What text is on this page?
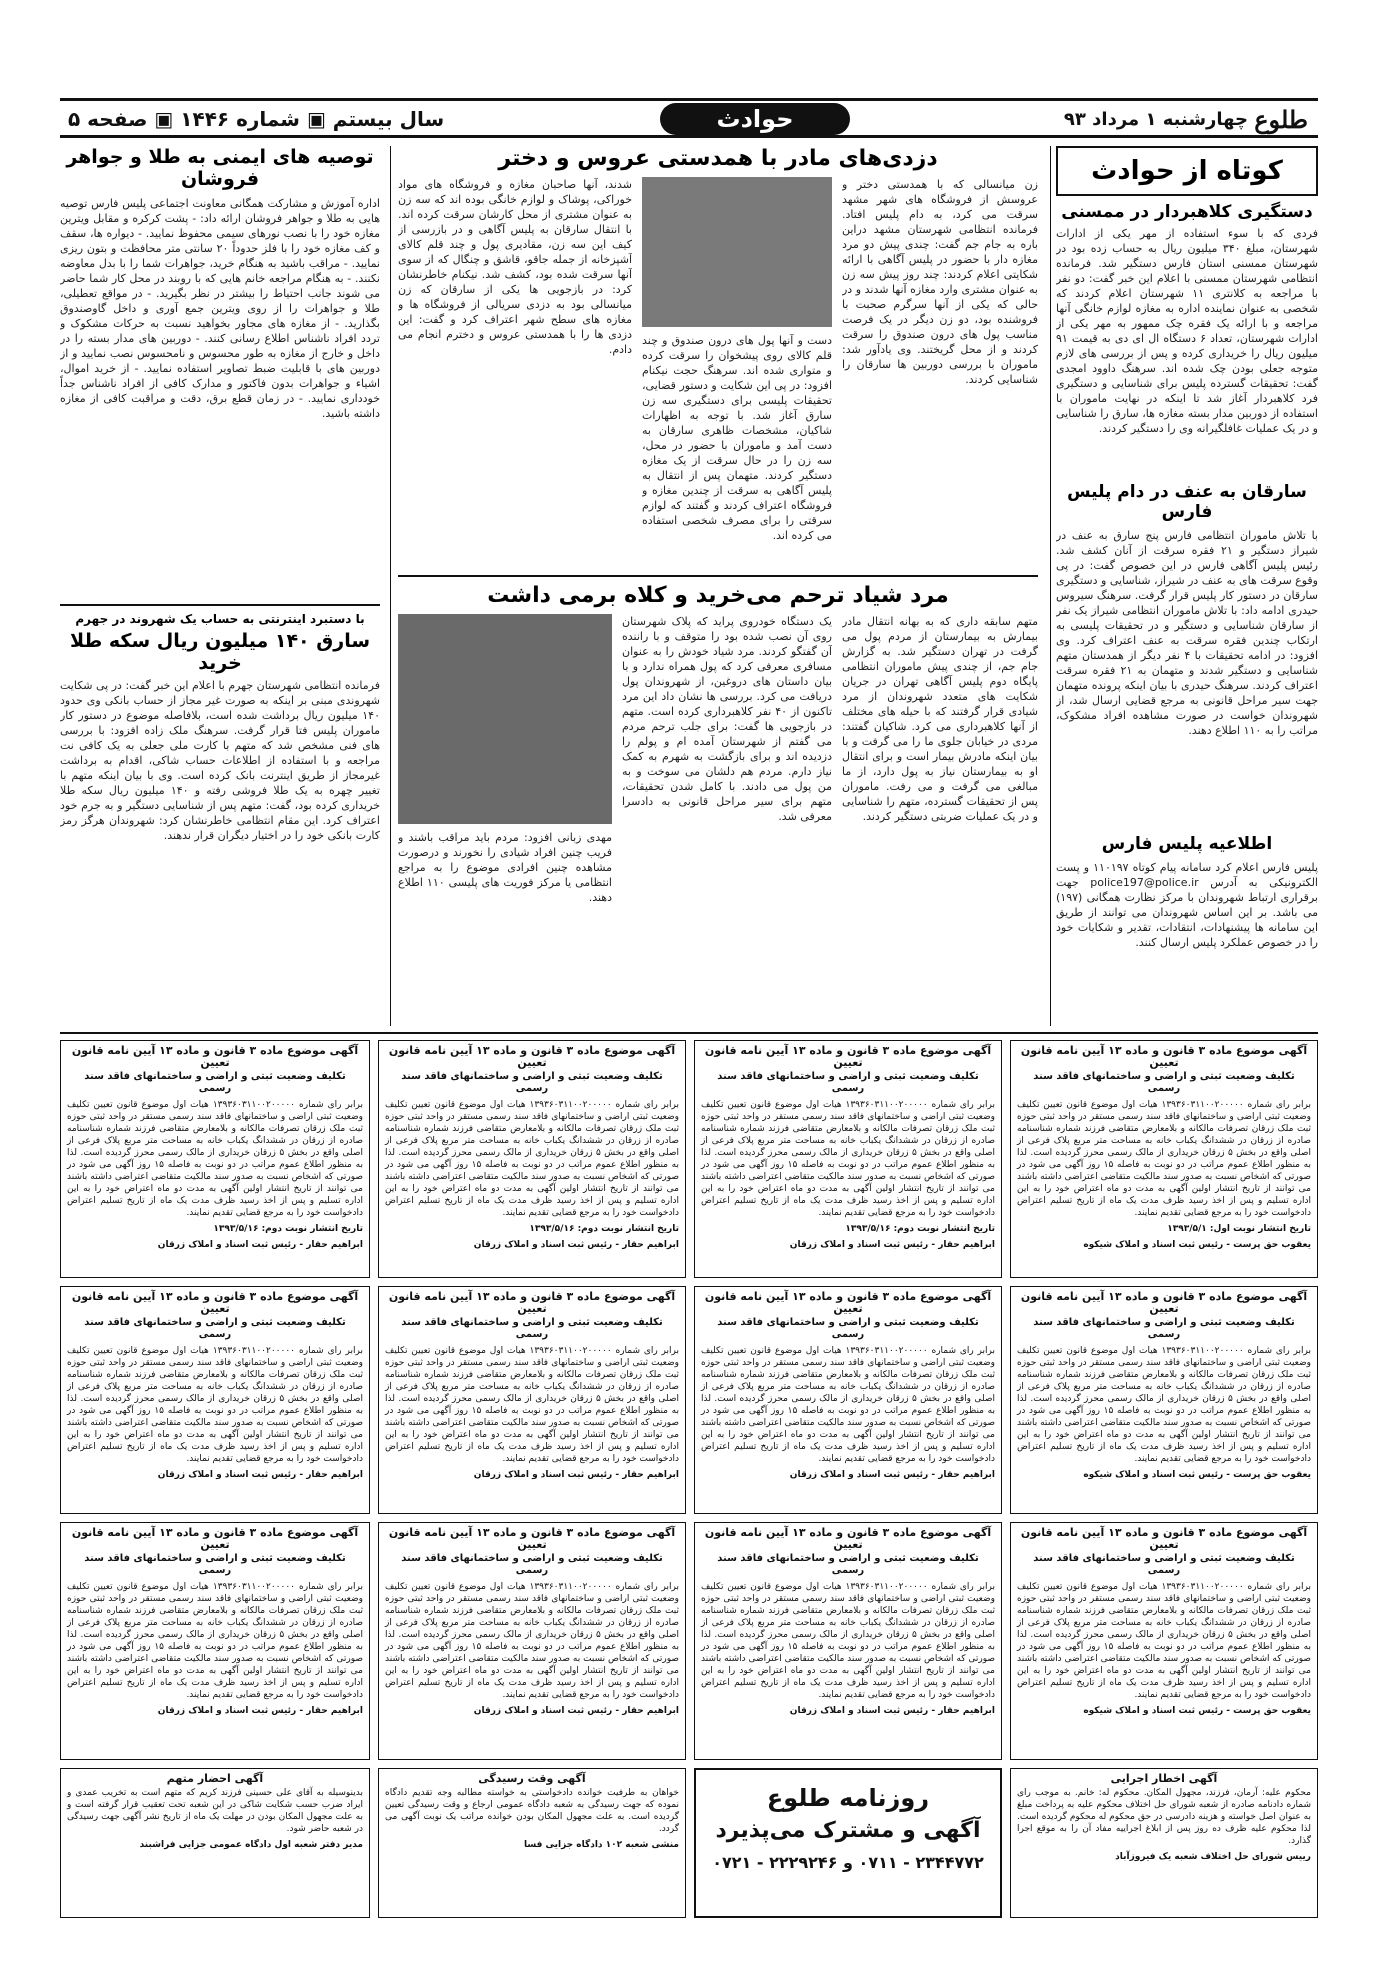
طلوع
چهارشنبه ۱ مرداد ۹۳
حوادث
سال بیستم ▣ شماره ۱۴۴۶ ▣ صفحه ۵
کوتاه از حوادث
دستگیری کلاهبردار در ممسنی
فردی که با سوء استفاده از مهر یکی از ادارات شهرستان، مبلغ ۳۴۰ میلیون ریال به حساب زده بود در شهرستان ممسنی استان فارس دستگیر شد. فرمانده انتظامی شهرستان ممسنی با اعلام این خبر گفت: دو نفر با مراجعه به کلانتری ۱۱ شهرستان اعلام کردند که شخصی به عنوان نماینده اداره به مغازه لوازم خانگی آنها مراجعه و با ارائه یک فقره چک ممهور به مهر یکی از ادارات شهرستان، تعداد ۶ دستگاه ال ای دی به قیمت ۹۱ میلیون ریال را خریداری کرده و پس از بررسی های لازم متوجه جعلی بودن چک شده اند. سرهنگ داوود امجدی گفت: تحقیقات گسترده پلیس برای شناسایی و دستگیری فرد کلاهبردار آغاز شد تا اینکه در نهایت ماموران با استفاده از دوربین مدار بسته مغازه ها، سارق را شناسایی و در یک عملیات غافلگیرانه وی را دستگیر کردند.
سارقان به عنف در دام پلیس فارس
با تلاش ماموران انتظامی فارس پنج سارق به عنف در شیراز دستگیر و ۲۱ فقره سرقت از آنان کشف شد. رئیس پلیس آگاهی فارس در این خصوص گفت: در پی وقوع سرقت های به عنف در شیراز، شناسایی و دستگیری سارقان در دستور کار پلیس قرار گرفت. سرهنگ سیروس حیدری ادامه داد: با تلاش ماموران انتظامی شیراز یک نفر از سارقان شناسایی و دستگیر و در تحقیقات پلیسی به ارتکاب چندین فقره سرقت به عنف اعتراف کرد. وی افزود: در ادامه تحقیقات با ۴ نفر دیگر از همدستان متهم شناسایی و دستگیر شدند و متهمان به ۲۱ فقره سرقت اعتراف کردند. سرهنگ حیدری با بیان اینکه پرونده متهمان جهت سیر مراحل قانونی به مرجع قضایی ارسال شد، از شهروندان خواست در صورت مشاهده افراد مشکوک، مراتب را به ۱۱۰ اطلاع دهند.
اطلاعیه پلیس فارس
پلیس فارس اعلام کرد سامانه پیام کوتاه ۱۱۰۱۹۷ و پست الکترونیکی به آدرس police197@police.ir جهت برقراری ارتباط شهروندان با مرکز نظارت همگانی (۱۹۷) می باشد. بر این اساس شهروندان می توانند از طریق این سامانه ها پیشنهادات، انتقادات، تقدیر و شکایات خود را در خصوص عملکرد پلیس ارسال کنند.
دزدی‌های مادر با همدستی عروس و دختر
زن میانسالی که با همدستی دختر و عروسش از فروشگاه های شهر مشهد سرقت می کرد، به دام پلیس افتاد. فرمانده انتظامی شهرستان مشهد دراین باره به جام جم گفت: چندی پیش دو مرد مغازه دار با حضور در پلیس آگاهی با ارائه شکایتی اعلام کردند: چند روز پیش سه زن به عنوان مشتری وارد مغازه آنها شدند و در حالی که یکی از آنها سرگرم صحبت با فروشنده بود، دو زن دیگر در یک فرصت مناسب پول های درون صندوق را سرقت کردند و از محل گریختند. وی یادآور شد: ماموران با بررسی دوربین ها سارقان را شناسایی کردند.
دست و آنها پول های درون صندوق و چند قلم کالای روی پیشخوان را سرقت کرده و متواری شده اند. سرهنگ حجت نیکنام افزود: در پی این شکایت و دستور قضایی، تحقیقات پلیسی برای دستگیری سه زن سارق آغاز شد. با توجه به اظهارات شاکیان، مشخصات ظاهری سارقان به دست آمد و ماموران با حضور در محل، سه زن را در حال سرقت از یک مغازه دستگیر کردند. متهمان پس از انتقال به پلیس آگاهی به سرقت از چندین مغازه و فروشگاه اعتراف کردند و گفتند که لوازم سرقتی را برای مصرف شخصی استفاده می کرده اند.
شدند، آنها صاحبان مغازه و فروشگاه های مواد خوراکی، پوشاک و لوازم خانگی بوده اند که سه زن به عنوان مشتری از محل کارشان سرقت کرده اند. با انتقال سارقان به پلیس آگاهی و در بازرسی از کیف این سه زن، مقادیری پول و چند قلم کالای آشپزخانه از جمله جاقو، قاشق و چنگال که از سوی آنها سرقت شده بود، کشف شد. نیکنام خاطرنشان کرد: در بازجویی ها یکی از سارقان که زن میانسالی بود به دزدی سریالی از فروشگاه ها و مغازه های سطح شهر اعتراف کرد و گفت: این دزدی ها را با همدستی عروس و دخترم انجام می دادم.
مرد شیاد ترحم می‌خرید و کلاه برمی داشت
متهم سابقه داری که به بهانه انتقال مادر بیمارش به بیمارستان از مردم پول می گرفت در تهران دستگیر شد. به گزارش جام جم، از چندی پیش ماموران انتظامی پایگاه دوم پلیس آگاهی تهران در جریان شکایت های متعدد شهروندان از مرد شیادی قرار گرفتند که با حیله های مختلف از آنها کلاهبرداری می کرد. شاکیان گفتند: مردی در خیابان جلوی ما را می گرفت و با بیان اینکه مادرش بیمار است و برای انتقال او به بیمارستان نیاز به پول دارد، از ما مبالغی می گرفت و می رفت. ماموران پس از تحقیقات گسترده، متهم را شناسایی و در یک عملیات ضربتی دستگیر کردند.
یک دستگاه خودروی پراید که پلاک شهرستان روی آن نصب شده بود را متوقف و با راننده آن گفتگو کردند. مرد شیاد خودش را به عنوان مسافری معرفی کرد که پول همراه ندارد و با بیان داستان های دروغین، از شهروندان پول دریافت می کرد. بررسی ها نشان داد این مرد تاکنون از ۴۰ نفر کلاهبرداری کرده است. متهم در بازجویی ها گفت: برای جلب ترحم مردم می گفتم از شهرستان آمده ام و پولم را دزدیده اند و برای بازگشت به شهرم به کمک نیاز دارم. مردم هم دلشان می سوخت و به من پول می دادند. با کامل شدن تحقیقات، متهم برای سیر مراحل قانونی به دادسرا معرفی شد.
مهدی زبانی افزود: مردم باید مراقب باشند و فریب چنین افراد شیادی را نخورند و درصورت مشاهده چنین افرادی موضوع را به مراجع انتظامی یا مرکز فوریت های پلیسی ۱۱۰ اطلاع دهند.
توصیه های ایمنی به طلا و جواهر فروشان
اداره آموزش و مشارکت همگانی معاونت اجتماعی پلیس فارس توصیه هایی به طلا و جواهر فروشان ارائه داد: - پشت کرکره و مقابل ویترین مغازه خود را با نصب نورهای سیمی محفوظ نمایید. - دیواره ها، سقف و کف مغازه خود را با فلز حدوداً ۲۰ سانتی متر محافظت و بتون ریزی نمایید. - مراقب باشید به هنگام خرید، جواهرات شما را با بدل معاوضه نکنند. - به هنگام مراجعه خانم هایی که با روبند در محل کار شما حاضر می شوند جانب احتیاط را بیشتر در نظر بگیرید. - در مواقع تعطیلی، طلا و جواهرات را از روی ویترین جمع آوری و داخل گاوصندوق بگذارید. - از مغازه های مجاور بخواهید نسبت به حرکات مشکوک و تردد افراد ناشناس اطلاع رسانی کنند. - دوربین های مدار بسته را در داخل و خارج از مغازه به طور محسوس و نامحسوس نصب نمایید و از دوربین های با قابلیت ضبط تصاویر استفاده نمایید. - از خرید اموال، اشیاء و جواهرات بدون فاکتور و مدارک کافی از افراد ناشناس جداً خودداری نمایید. - در زمان قطع برق، دقت و مراقبت کافی از مغازه داشته باشید.
با دستبرد اینترنتی به حساب یک شهروند در جهرم
سارق ۱۴۰ میلیون ریال سکه طلا خرید
فرمانده انتظامی شهرستان جهرم با اعلام این خبر گفت: در پی شکایت شهروندی مبنی بر اینکه به صورت غیر مجاز از حساب بانکی وی حدود ۱۴۰ میلیون ریال برداشت شده است، بلافاصله موضوع در دستور کار ماموران پلیس فتا قرار گرفت. سرهنگ ملک زاده افزود: با بررسی های فنی مشخص شد که متهم با کارت ملی جعلی به یک کافی نت مراجعه و با استفاده از اطلاعات حساب شاکی، اقدام به برداشت غیرمجاز از طریق اینترنت بانک کرده است. وی با بیان اینکه متهم با تغییر چهره به یک طلا فروشی رفته و ۱۴۰ میلیون ریال سکه طلا خریداری کرده بود، گفت: متهم پس از شناسایی دستگیر و به جرم خود اعتراف کرد. این مقام انتظامی خاطرنشان کرد: شهروندان هرگز رمز کارت بانکی خود را در اختیار دیگران قرار ندهند.
آگهی موضوع ماده ۳ قانون و ماده ۱۳ آیین نامه قانون تعیین
تکلیف وضعیت ثبتی و اراضی و ساختمانهای فاقد سند رسمی
برابر رای شماره ۱۳۹۳۶۰۳۱۱۰۰۲۰۰۰۰۰ هیات اول موضوع قانون تعیین تکلیف وضعیت ثبتی اراضی و ساختمانهای فاقد سند رسمی مستقر در واحد ثبتی حوزه ثبت ملک زرقان تصرفات مالکانه و بلامعارض متقاضی فرزند شماره شناسنامه صادره از زرقان در ششدانگ یکباب خانه به مساحت متر مربع پلاک فرعی از اصلی واقع در بخش ۵ زرقان خریداری از مالک رسمی محرز گردیده است. لذا به منظور اطلاع عموم مراتب در دو نوبت به فاصله ۱۵ روز آگهی می شود در صورتی که اشخاص نسبت به صدور سند مالکیت متقاضی اعتراضی داشته باشند می توانند از تاریخ انتشار اولین آگهی به مدت دو ماه اعتراض خود را به این اداره تسلیم و پس از اخذ رسید ظرف مدت یک ماه از تاریخ تسلیم اعتراض دادخواست خود را به مرجع قضایی تقدیم نمایند.
تاریخ انتشار نوبت اول: ۱۳۹۳/۵/۱
یعقوب حق پرست - رئیس ثبت اسناد و املاک شیکوه
آگهی موضوع ماده ۳ قانون و ماده ۱۳ آیین نامه قانون تعیین
تکلیف وضعیت ثبتی و اراضی و ساختمانهای فاقد سند رسمی
برابر رای شماره ۱۳۹۳۶۰۳۱۱۰۰۲۰۰۰۰۰ هیات اول موضوع قانون تعیین تکلیف وضعیت ثبتی اراضی و ساختمانهای فاقد سند رسمی مستقر در واحد ثبتی حوزه ثبت ملک زرقان تصرفات مالکانه و بلامعارض متقاضی فرزند شماره شناسنامه صادره از زرقان در ششدانگ یکباب خانه به مساحت متر مربع پلاک فرعی از اصلی واقع در بخش ۵ زرقان خریداری از مالک رسمی محرز گردیده است. لذا به منظور اطلاع عموم مراتب در دو نوبت به فاصله ۱۵ روز آگهی می شود در صورتی که اشخاص نسبت به صدور سند مالکیت متقاضی اعتراضی داشته باشند می توانند از تاریخ انتشار اولین آگهی به مدت دو ماه اعتراض خود را به این اداره تسلیم و پس از اخذ رسید ظرف مدت یک ماه از تاریخ تسلیم اعتراض دادخواست خود را به مرجع قضایی تقدیم نمایند.
تاریخ انتشار نوبت دوم: ۱۳۹۳/۵/۱۶
ابراهیم حقار - رئیس ثبت اسناد و املاک زرقان
آگهی موضوع ماده ۳ قانون و ماده ۱۳ آیین نامه قانون تعیین
تکلیف وضعیت ثبتی و اراضی و ساختمانهای فاقد سند رسمی
برابر رای شماره ۱۳۹۳۶۰۳۱۱۰۰۲۰۰۰۰۰ هیات اول موضوع قانون تعیین تکلیف وضعیت ثبتی اراضی و ساختمانهای فاقد سند رسمی مستقر در واحد ثبتی حوزه ثبت ملک زرقان تصرفات مالکانه و بلامعارض متقاضی فرزند شماره شناسنامه صادره از زرقان در ششدانگ یکباب خانه به مساحت متر مربع پلاک فرعی از اصلی واقع در بخش ۵ زرقان خریداری از مالک رسمی محرز گردیده است. لذا به منظور اطلاع عموم مراتب در دو نوبت به فاصله ۱۵ روز آگهی می شود در صورتی که اشخاص نسبت به صدور سند مالکیت متقاضی اعتراضی داشته باشند می توانند از تاریخ انتشار اولین آگهی به مدت دو ماه اعتراض خود را به این اداره تسلیم و پس از اخذ رسید ظرف مدت یک ماه از تاریخ تسلیم اعتراض دادخواست خود را به مرجع قضایی تقدیم نمایند.
تاریخ انتشار نوبت دوم: ۱۳۹۳/۵/۱۶
ابراهیم حقار - رئیس ثبت اسناد و املاک زرقان
آگهی موضوع ماده ۳ قانون و ماده ۱۳ آیین نامه قانون تعیین
تکلیف وضعیت ثبتی و اراضی و ساختمانهای فاقد سند رسمی
برابر رای شماره ۱۳۹۳۶۰۳۱۱۰۰۲۰۰۰۰۰ هیات اول موضوع قانون تعیین تکلیف وضعیت ثبتی اراضی و ساختمانهای فاقد سند رسمی مستقر در واحد ثبتی حوزه ثبت ملک زرقان تصرفات مالکانه و بلامعارض متقاضی فرزند شماره شناسنامه صادره از زرقان در ششدانگ یکباب خانه به مساحت متر مربع پلاک فرعی از اصلی واقع در بخش ۵ زرقان خریداری از مالک رسمی محرز گردیده است. لذا به منظور اطلاع عموم مراتب در دو نوبت به فاصله ۱۵ روز آگهی می شود در صورتی که اشخاص نسبت به صدور سند مالکیت متقاضی اعتراضی داشته باشند می توانند از تاریخ انتشار اولین آگهی به مدت دو ماه اعتراض خود را به این اداره تسلیم و پس از اخذ رسید ظرف مدت یک ماه از تاریخ تسلیم اعتراض دادخواست خود را به مرجع قضایی تقدیم نمایند.
تاریخ انتشار نوبت دوم: ۱۳۹۳/۵/۱۶
ابراهیم حقار - رئیس ثبت اسناد و املاک زرقان
آگهی موضوع ماده ۳ قانون و ماده ۱۳ آیین نامه قانون تعیین
تکلیف وضعیت ثبتی و اراضی و ساختمانهای فاقد سند رسمی
برابر رای شماره ۱۳۹۳۶۰۳۱۱۰۰۲۰۰۰۰۰ هیات اول موضوع قانون تعیین تکلیف وضعیت ثبتی اراضی و ساختمانهای فاقد سند رسمی مستقر در واحد ثبتی حوزه ثبت ملک زرقان تصرفات مالکانه و بلامعارض متقاضی فرزند شماره شناسنامه صادره از زرقان در ششدانگ یکباب خانه به مساحت متر مربع پلاک فرعی از اصلی واقع در بخش ۵ زرقان خریداری از مالک رسمی محرز گردیده است. لذا به منظور اطلاع عموم مراتب در دو نوبت به فاصله ۱۵ روز آگهی می شود در صورتی که اشخاص نسبت به صدور سند مالکیت متقاضی اعتراضی داشته باشند می توانند از تاریخ انتشار اولین آگهی به مدت دو ماه اعتراض خود را به این اداره تسلیم و پس از اخذ رسید ظرف مدت یک ماه از تاریخ تسلیم اعتراض دادخواست خود را به مرجع قضایی تقدیم نمایند.
یعقوب حق پرست - رئیس ثبت اسناد و املاک شیکوه
آگهی موضوع ماده ۳ قانون و ماده ۱۳ آیین نامه قانون تعیین
تکلیف وضعیت ثبتی و اراضی و ساختمانهای فاقد سند رسمی
برابر رای شماره ۱۳۹۳۶۰۳۱۱۰۰۲۰۰۰۰۰ هیات اول موضوع قانون تعیین تکلیف وضعیت ثبتی اراضی و ساختمانهای فاقد سند رسمی مستقر در واحد ثبتی حوزه ثبت ملک زرقان تصرفات مالکانه و بلامعارض متقاضی فرزند شماره شناسنامه صادره از زرقان در ششدانگ یکباب خانه به مساحت متر مربع پلاک فرعی از اصلی واقع در بخش ۵ زرقان خریداری از مالک رسمی محرز گردیده است. لذا به منظور اطلاع عموم مراتب در دو نوبت به فاصله ۱۵ روز آگهی می شود در صورتی که اشخاص نسبت به صدور سند مالکیت متقاضی اعتراضی داشته باشند می توانند از تاریخ انتشار اولین آگهی به مدت دو ماه اعتراض خود را به این اداره تسلیم و پس از اخذ رسید ظرف مدت یک ماه از تاریخ تسلیم اعتراض دادخواست خود را به مرجع قضایی تقدیم نمایند.
ابراهیم حقار - رئیس ثبت اسناد و املاک زرقان
آگهی موضوع ماده ۳ قانون و ماده ۱۳ آیین نامه قانون تعیین
تکلیف وضعیت ثبتی و اراضی و ساختمانهای فاقد سند رسمی
برابر رای شماره ۱۳۹۳۶۰۳۱۱۰۰۲۰۰۰۰۰ هیات اول موضوع قانون تعیین تکلیف وضعیت ثبتی اراضی و ساختمانهای فاقد سند رسمی مستقر در واحد ثبتی حوزه ثبت ملک زرقان تصرفات مالکانه و بلامعارض متقاضی فرزند شماره شناسنامه صادره از زرقان در ششدانگ یکباب خانه به مساحت متر مربع پلاک فرعی از اصلی واقع در بخش ۵ زرقان خریداری از مالک رسمی محرز گردیده است. لذا به منظور اطلاع عموم مراتب در دو نوبت به فاصله ۱۵ روز آگهی می شود در صورتی که اشخاص نسبت به صدور سند مالکیت متقاضی اعتراضی داشته باشند می توانند از تاریخ انتشار اولین آگهی به مدت دو ماه اعتراض خود را به این اداره تسلیم و پس از اخذ رسید ظرف مدت یک ماه از تاریخ تسلیم اعتراض دادخواست خود را به مرجع قضایی تقدیم نمایند.
ابراهیم حقار - رئیس ثبت اسناد و املاک زرقان
آگهی موضوع ماده ۳ قانون و ماده ۱۳ آیین نامه قانون تعیین
تکلیف وضعیت ثبتی و اراضی و ساختمانهای فاقد سند رسمی
برابر رای شماره ۱۳۹۳۶۰۳۱۱۰۰۲۰۰۰۰۰ هیات اول موضوع قانون تعیین تکلیف وضعیت ثبتی اراضی و ساختمانهای فاقد سند رسمی مستقر در واحد ثبتی حوزه ثبت ملک زرقان تصرفات مالکانه و بلامعارض متقاضی فرزند شماره شناسنامه صادره از زرقان در ششدانگ یکباب خانه به مساحت متر مربع پلاک فرعی از اصلی واقع در بخش ۵ زرقان خریداری از مالک رسمی محرز گردیده است. لذا به منظور اطلاع عموم مراتب در دو نوبت به فاصله ۱۵ روز آگهی می شود در صورتی که اشخاص نسبت به صدور سند مالکیت متقاضی اعتراضی داشته باشند می توانند از تاریخ انتشار اولین آگهی به مدت دو ماه اعتراض خود را به این اداره تسلیم و پس از اخذ رسید ظرف مدت یک ماه از تاریخ تسلیم اعتراض دادخواست خود را به مرجع قضایی تقدیم نمایند.
ابراهیم حقار - رئیس ثبت اسناد و املاک زرقان
آگهی موضوع ماده ۳ قانون و ماده ۱۳ آیین نامه قانون تعیین
تکلیف وضعیت ثبتی و اراضی و ساختمانهای فاقد سند رسمی
برابر رای شماره ۱۳۹۳۶۰۳۱۱۰۰۲۰۰۰۰۰ هیات اول موضوع قانون تعیین تکلیف وضعیت ثبتی اراضی و ساختمانهای فاقد سند رسمی مستقر در واحد ثبتی حوزه ثبت ملک زرقان تصرفات مالکانه و بلامعارض متقاضی فرزند شماره شناسنامه صادره از زرقان در ششدانگ یکباب خانه به مساحت متر مربع پلاک فرعی از اصلی واقع در بخش ۵ زرقان خریداری از مالک رسمی محرز گردیده است. لذا به منظور اطلاع عموم مراتب در دو نوبت به فاصله ۱۵ روز آگهی می شود در صورتی که اشخاص نسبت به صدور سند مالکیت متقاضی اعتراضی داشته باشند می توانند از تاریخ انتشار اولین آگهی به مدت دو ماه اعتراض خود را به این اداره تسلیم و پس از اخذ رسید ظرف مدت یک ماه از تاریخ تسلیم اعتراض دادخواست خود را به مرجع قضایی تقدیم نمایند.
یعقوب حق پرست - رئیس ثبت اسناد و املاک شیکوه
آگهی موضوع ماده ۳ قانون و ماده ۱۳ آیین نامه قانون تعیین
تکلیف وضعیت ثبتی و اراضی و ساختمانهای فاقد سند رسمی
برابر رای شماره ۱۳۹۳۶۰۳۱۱۰۰۲۰۰۰۰۰ هیات اول موضوع قانون تعیین تکلیف وضعیت ثبتی اراضی و ساختمانهای فاقد سند رسمی مستقر در واحد ثبتی حوزه ثبت ملک زرقان تصرفات مالکانه و بلامعارض متقاضی فرزند شماره شناسنامه صادره از زرقان در ششدانگ یکباب خانه به مساحت متر مربع پلاک فرعی از اصلی واقع در بخش ۵ زرقان خریداری از مالک رسمی محرز گردیده است. لذا به منظور اطلاع عموم مراتب در دو نوبت به فاصله ۱۵ روز آگهی می شود در صورتی که اشخاص نسبت به صدور سند مالکیت متقاضی اعتراضی داشته باشند می توانند از تاریخ انتشار اولین آگهی به مدت دو ماه اعتراض خود را به این اداره تسلیم و پس از اخذ رسید ظرف مدت یک ماه از تاریخ تسلیم اعتراض دادخواست خود را به مرجع قضایی تقدیم نمایند.
ابراهیم حقار - رئیس ثبت اسناد و املاک زرقان
آگهی موضوع ماده ۳ قانون و ماده ۱۳ آیین نامه قانون تعیین
تکلیف وضعیت ثبتی و اراضی و ساختمانهای فاقد سند رسمی
برابر رای شماره ۱۳۹۳۶۰۳۱۱۰۰۲۰۰۰۰۰ هیات اول موضوع قانون تعیین تکلیف وضعیت ثبتی اراضی و ساختمانهای فاقد سند رسمی مستقر در واحد ثبتی حوزه ثبت ملک زرقان تصرفات مالکانه و بلامعارض متقاضی فرزند شماره شناسنامه صادره از زرقان در ششدانگ یکباب خانه به مساحت متر مربع پلاک فرعی از اصلی واقع در بخش ۵ زرقان خریداری از مالک رسمی محرز گردیده است. لذا به منظور اطلاع عموم مراتب در دو نوبت به فاصله ۱۵ روز آگهی می شود در صورتی که اشخاص نسبت به صدور سند مالکیت متقاضی اعتراضی داشته باشند می توانند از تاریخ انتشار اولین آگهی به مدت دو ماه اعتراض خود را به این اداره تسلیم و پس از اخذ رسید ظرف مدت یک ماه از تاریخ تسلیم اعتراض دادخواست خود را به مرجع قضایی تقدیم نمایند.
ابراهیم حقار - رئیس ثبت اسناد و املاک زرقان
آگهی موضوع ماده ۳ قانون و ماده ۱۳ آیین نامه قانون تعیین
تکلیف وضعیت ثبتی و اراضی و ساختمانهای فاقد سند رسمی
برابر رای شماره ۱۳۹۳۶۰۳۱۱۰۰۲۰۰۰۰۰ هیات اول موضوع قانون تعیین تکلیف وضعیت ثبتی اراضی و ساختمانهای فاقد سند رسمی مستقر در واحد ثبتی حوزه ثبت ملک زرقان تصرفات مالکانه و بلامعارض متقاضی فرزند شماره شناسنامه صادره از زرقان در ششدانگ یکباب خانه به مساحت متر مربع پلاک فرعی از اصلی واقع در بخش ۵ زرقان خریداری از مالک رسمی محرز گردیده است. لذا به منظور اطلاع عموم مراتب در دو نوبت به فاصله ۱۵ روز آگهی می شود در صورتی که اشخاص نسبت به صدور سند مالکیت متقاضی اعتراضی داشته باشند می توانند از تاریخ انتشار اولین آگهی به مدت دو ماه اعتراض خود را به این اداره تسلیم و پس از اخذ رسید ظرف مدت یک ماه از تاریخ تسلیم اعتراض دادخواست خود را به مرجع قضایی تقدیم نمایند.
ابراهیم حقار - رئیس ثبت اسناد و املاک زرقان
آگهی اخطار اجرایی
محکوم علیه: آرمان، فرزند، مجهول المکان. محکوم له: خانم. به موجب رای شماره دادنامه صادره از شعبه شورای حل اختلاف محکوم علیه به پرداخت مبلغ به عنوان اصل خواسته و هزینه دادرسی در حق محکوم له محکوم گردیده است. لذا محکوم علیه ظرف ده روز پس از ابلاغ اجراییه مفاد آن را به موقع اجرا گذارد.
رییس شورای حل اختلاف شعبه یک فیروزآباد
روزنامه طلوع
آگهی و مشترک می‌پذیرد
۲۳۴۴۷۷۲ - ۰۷۱۱ و ۲۲۲۹۲۴۶ - ۰۷۲۱
آگهی وقت رسیدگی
خواهان به طرفیت خوانده دادخواستی به خواسته مطالبه وجه تقدیم دادگاه نموده که جهت رسیدگی به شعبه دادگاه عمومی ارجاع و وقت رسیدگی تعیین گردیده است. به علت مجهول المکان بودن خوانده مراتب یک نوبت آگهی می گردد.
منشی شعبه ۱۰۲ دادگاه جزایی فسا
آگهی احضار متهم
بدینوسیله به آقای علی حسینی فرزند کریم که متهم است به تخریب عمدی و ایراد ضرب حسب شکایت شاکی در این شعبه تحت تعقیب قرار گرفته است و به علت مجهول المکان بودن در مهلت یک ماه از تاریخ نشر آگهی جهت رسیدگی در شعبه حاضر شود.
مدیر دفتر شعبه اول دادگاه عمومی جزایی فراشبند
